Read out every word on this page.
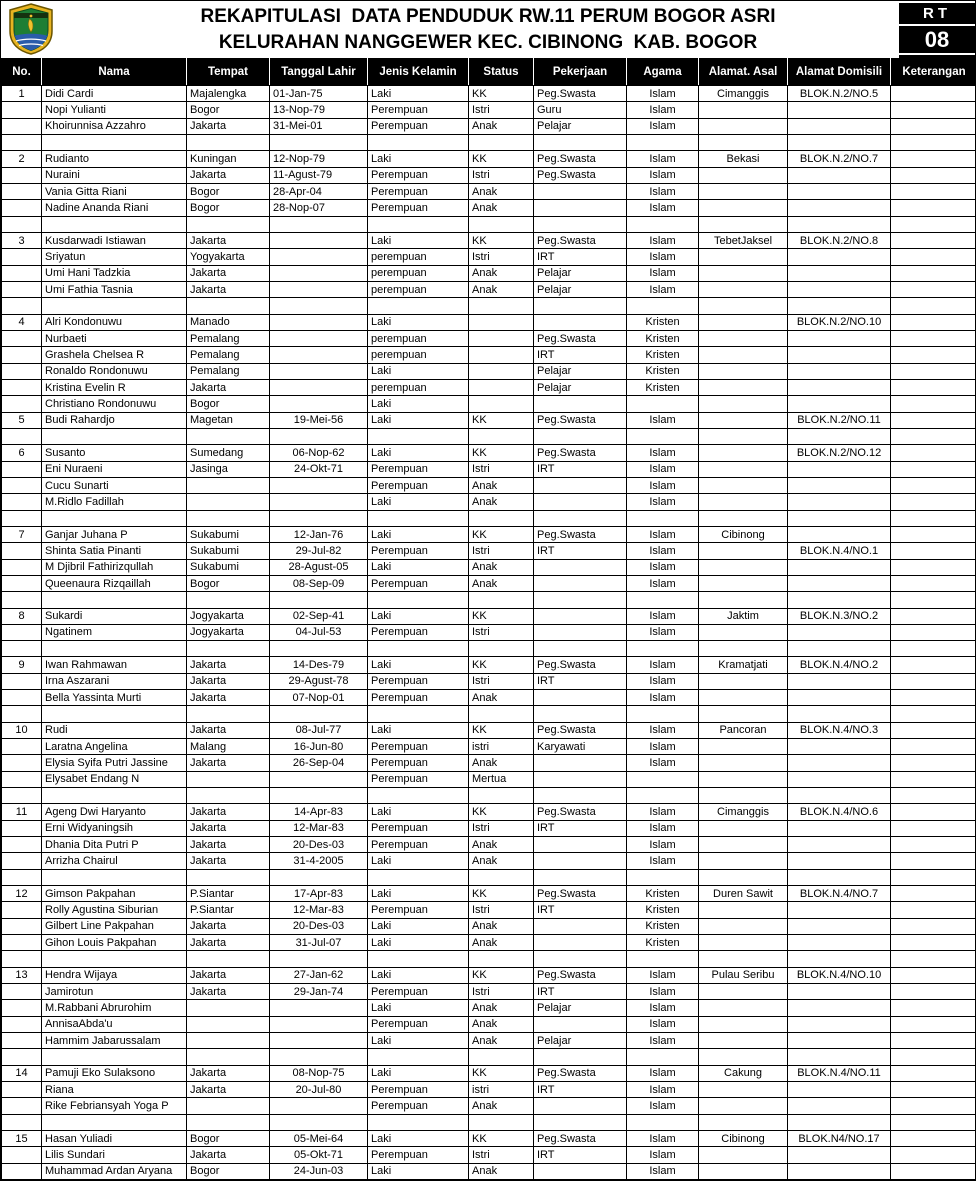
REKAPITULASI  DATA PENDUDUK RW.11 PERUM BOGOR ASRI
KELURAHAN NANGGEWER KEC. CIBINONG  KAB. BOGOR
RT
08
No.	Nama	Tempat	Tanggal Lahir	Jenis Kelamin	Status	Pekerjaan	Agama	Alamat. Asal	Alamat Domisili	Keterangan
1	Didi Cardi	Majalengka	01-Jan-75	Laki	KK	Peg.Swasta	Islam	Cimanggis	BLOK.N.2/NO.5	
	Nopi Yulianti	Bogor	13-Nop-79	Perempuan	Istri	Guru	Islam			
	Khoirunnisa Azzahro	Jakarta	31-Mei-01	Perempuan	Anak	Pelajar	Islam			

2	Rudianto	Kuningan	12-Nop-79	Laki	KK	Peg.Swasta	Islam	Bekasi	BLOK.N.2/NO.7	
	Nuraini	Jakarta	11-Agust-79	Perempuan	Istri	Peg.Swasta	Islam			
	Vania Gitta Riani	Bogor	28-Apr-04	Perempuan	Anak		Islam			
	Nadine Ananda Riani	Bogor	28-Nop-07	Perempuan	Anak		Islam			

3	Kusdarwadi Istiawan	Jakarta		Laki	KK	Peg.Swasta	Islam	TebetJaksel	BLOK.N.2/NO.8	
	Sriyatun	Yogyakarta		perempuan	Istri	IRT	Islam			
	Umi Hani Tadzkia	Jakarta		perempuan	Anak	Pelajar	Islam			
	Umi Fathia Tasnia	Jakarta		perempuan	Anak	Pelajar	Islam			

4	Alri Kondonuwu	Manado		Laki			Kristen		BLOK.N.2/NO.10	
	Nurbaeti	Pemalang		perempuan		Peg.Swasta	Kristen			
	Grashela Chelsea R	Pemalang		perempuan		IRT	Kristen			
	Ronaldo Rondonuwu	Pemalang		Laki		Pelajar	Kristen			
	Kristina Evelin R	Jakarta		perempuan		Pelajar	Kristen			
	Christiano Rondonuwu	Bogor		Laki						
5	Budi Rahardjo	Magetan	19-Mei-56	Laki	KK	Peg.Swasta	Islam		BLOK.N.2/NO.11	

6	Susanto	Sumedang	06-Nop-62	Laki	KK	Peg.Swasta	Islam		BLOK.N.2/NO.12	
	Eni Nuraeni	Jasinga	24-Okt-71	Perempuan	Istri	IRT	Islam			
	Cucu Sunarti			Perempuan	Anak		Islam			
	M.Ridlo Fadillah			Laki	Anak		Islam			

7	Ganjar Juhana P	Sukabumi	12-Jan-76	Laki	KK	Peg.Swasta	Islam	Cibinong		
	Shinta Satia Pinanti	Sukabumi	29-Jul-82	Perempuan	Istri	IRT	Islam		BLOK.N.4/NO.1	
	M Djibril Fathirizqullah	Sukabumi	28-Agust-05	Laki	Anak		Islam			
	Queenaura Rizqaillah	Bogor	08-Sep-09	Perempuan	Anak		Islam			

8	Sukardi	Jogyakarta	02-Sep-41	Laki	KK		Islam	Jaktim	BLOK.N.3/NO.2	
	Ngatinem	Jogyakarta	04-Jul-53	Perempuan	Istri		Islam			

9	Iwan Rahmawan	Jakarta	14-Des-79	Laki	KK	Peg.Swasta	Islam	Kramatjati	BLOK.N.4/NO.2	
	Irna Aszarani	Jakarta	29-Agust-78	Perempuan	Istri	IRT	Islam			
	Bella Yassinta Murti	Jakarta	07-Nop-01	Perempuan	Anak		Islam			

10	Rudi	Jakarta	08-Jul-77	Laki	KK	Peg.Swasta	Islam	Pancoran	BLOK.N.4/NO.3	
	Laratna Angelina	Malang	16-Jun-80	Perempuan	istri	Karyawati	Islam			
	Elysia Syifa Putri Jassine	Jakarta	26-Sep-04	Perempuan	Anak		Islam			
	Elysabet Endang N			Perempuan	Mertua					

11	Ageng Dwi Haryanto	Jakarta	14-Apr-83	Laki	KK	Peg.Swasta	Islam	Cimanggis	BLOK.N.4/NO.6	
	Erni Widyaningsih	Jakarta	12-Mar-83	Perempuan	Istri	IRT	Islam			
	Dhania Dita Putri P	Jakarta	20-Des-03	Perempuan	Anak		Islam			
	Arrizha Chairul	Jakarta	31-4-2005	Laki	Anak		Islam			

12	Gimson Pakpahan	P.Siantar	17-Apr-83	Laki	KK	Peg.Swasta	Kristen	Duren Sawit	BLOK.N.4/NO.7	
	Rolly Agustina Siburian	P.Siantar	12-Mar-83	Perempuan	Istri	IRT	Kristen			
	Gilbert Line Pakpahan	Jakarta	20-Des-03	Laki	Anak		Kristen			
	Gihon Louis Pakpahan	Jakarta	31-Jul-07	Laki	Anak		Kristen			

13	Hendra Wijaya	Jakarta	27-Jan-62	Laki	KK	Peg.Swasta	Islam	Pulau Seribu	BLOK.N.4/NO.10	
	Jamirotun	Jakarta	29-Jan-74	Perempuan	Istri	IRT	Islam			
	M.Rabbani Abrurohim			Laki	Anak	Pelajar	Islam			
	AnnisaAbda'u			Perempuan	Anak		Islam			
	Hammim Jabarussalam			Laki	Anak	Pelajar	Islam			

14	Pamuji Eko Sulaksono	Jakarta	08-Nop-75	Laki	KK	Peg.Swasta	Islam	Cakung	BLOK.N.4/NO.11	
	Riana	Jakarta	20-Jul-80	Perempuan	istri	IRT	Islam			
	Rike Febriansyah Yoga P			Perempuan	Anak		Islam			

15	Hasan Yuliadi	Bogor	05-Mei-64	Laki	KK	Peg.Swasta	Islam	Cibinong	BLOK.N4/NO.17	
	Lilis Sundari	Jakarta	05-Okt-71	Perempuan	Istri	IRT	Islam			
	Muhammad Ardan Aryana	Bogor	24-Jun-03	Laki	Anak		Islam			
